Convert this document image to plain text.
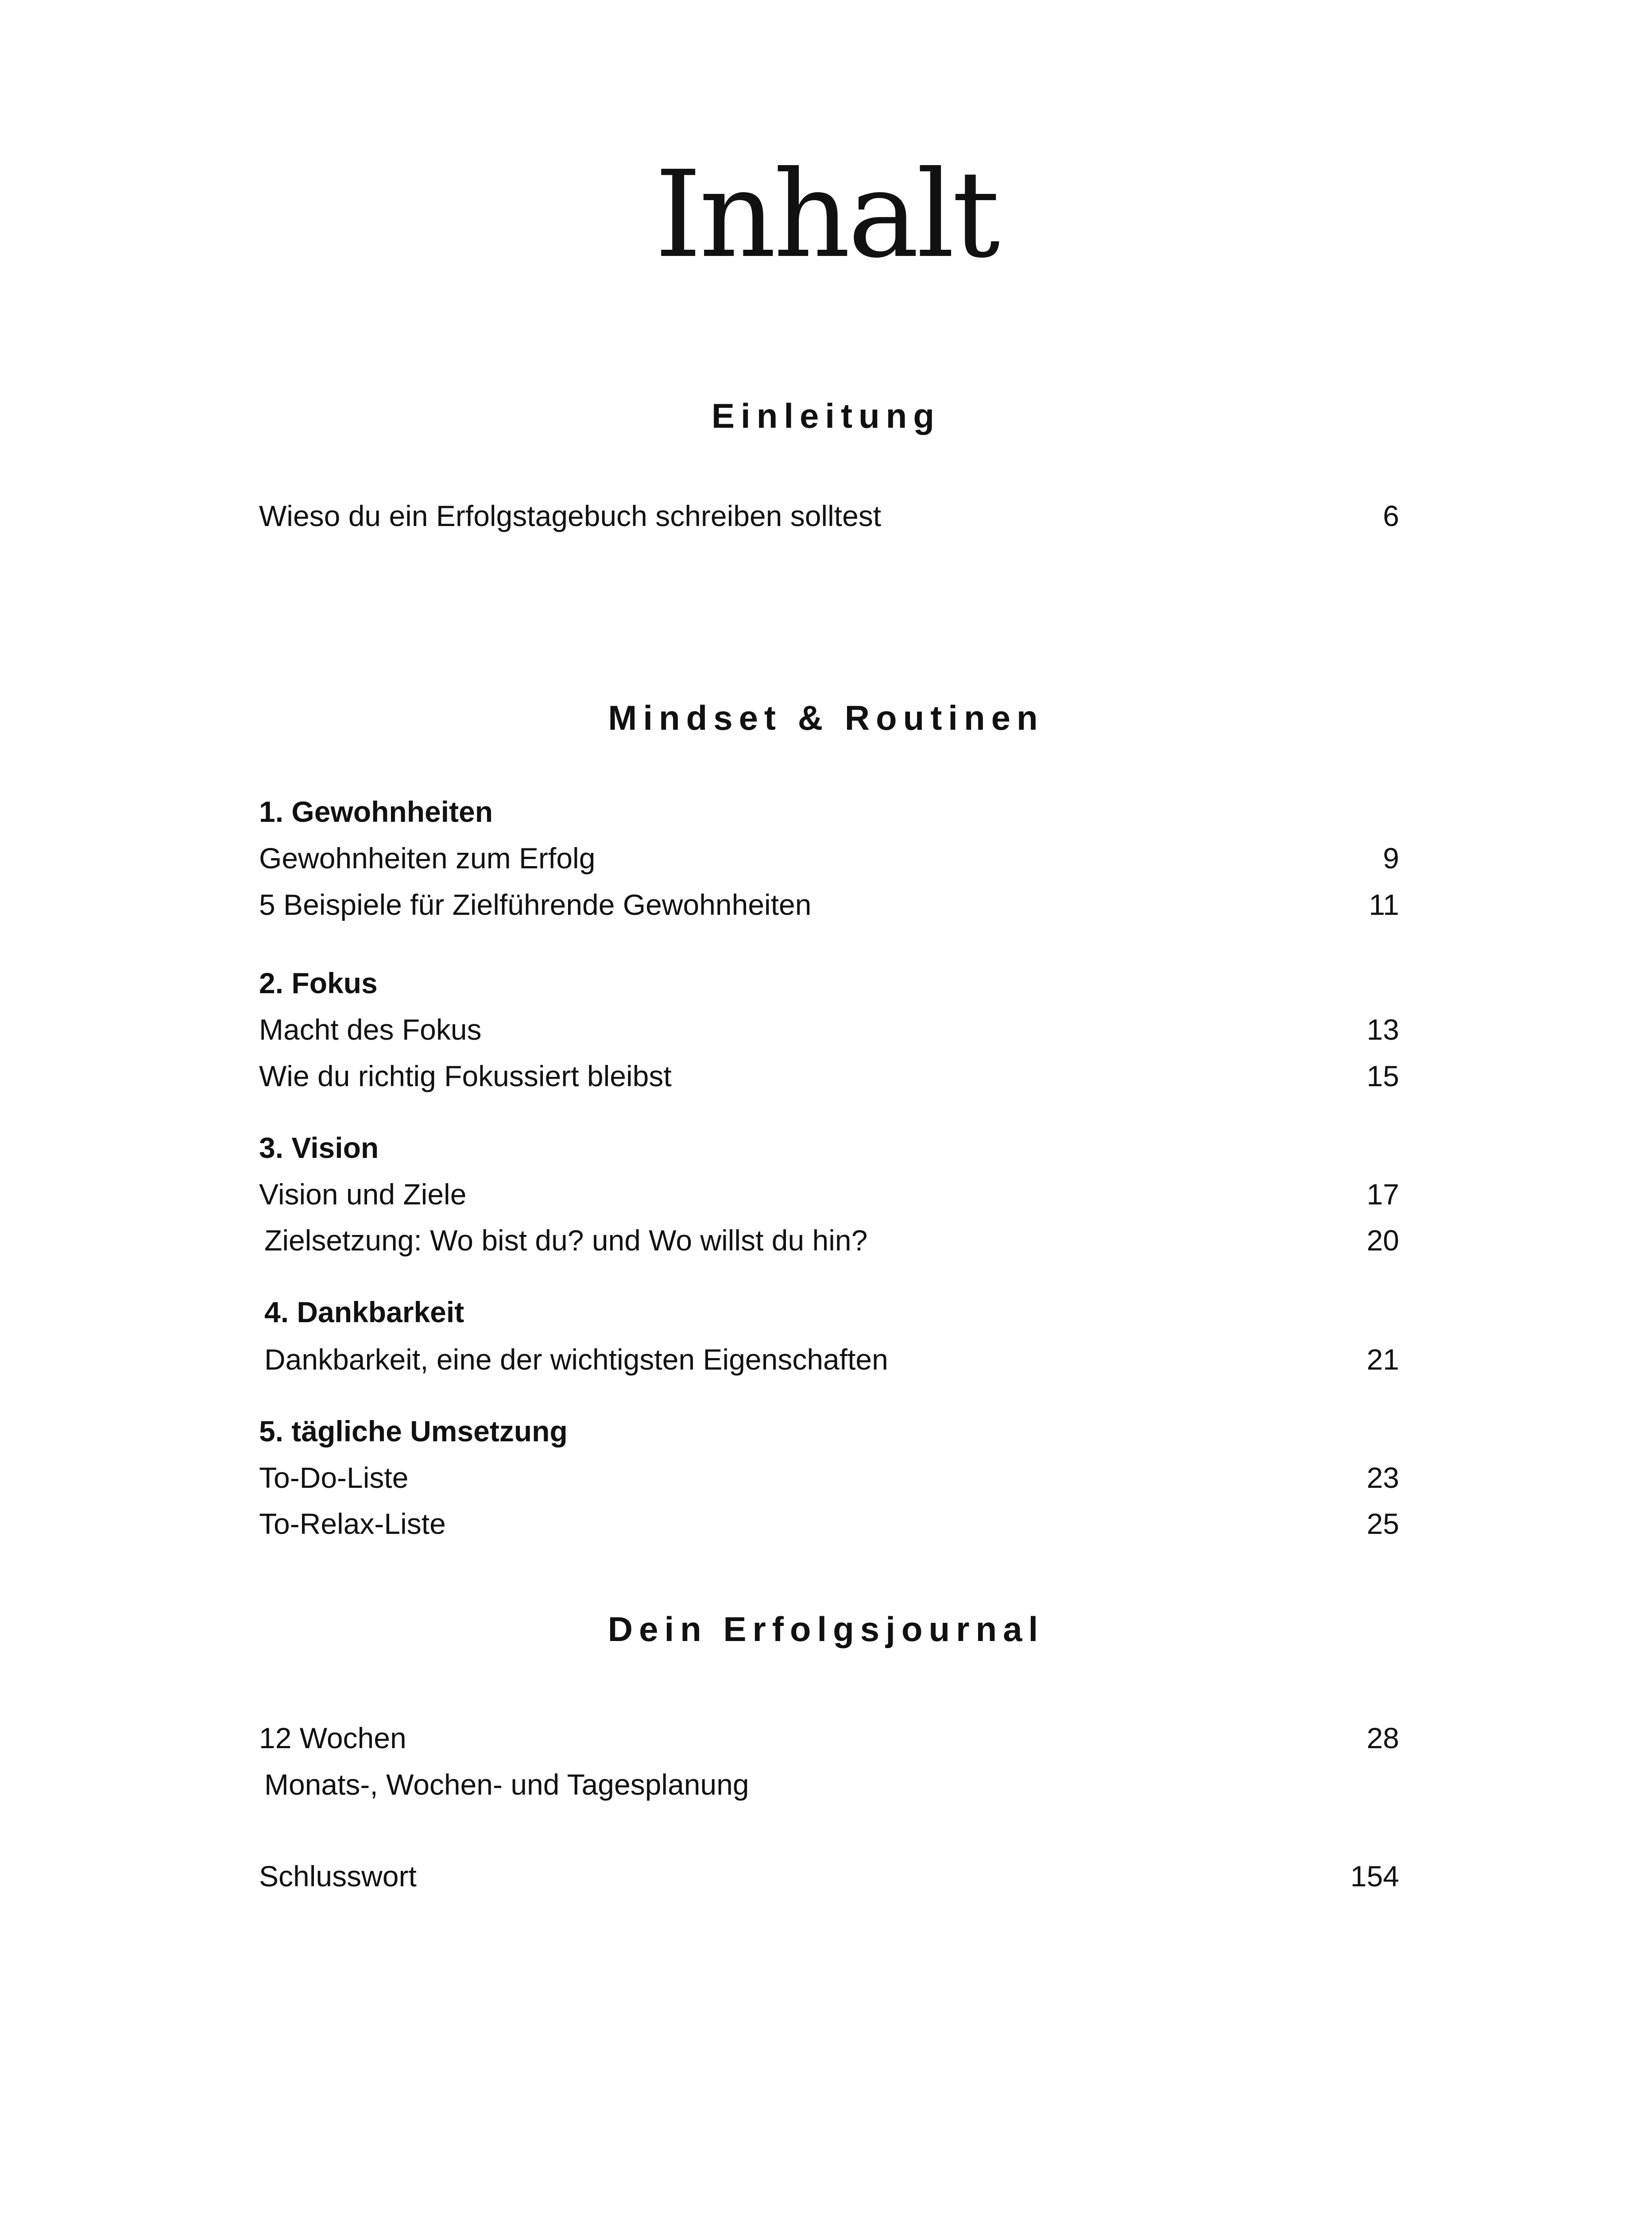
Inhalt
Einleitung
Wieso du ein Erfolgstagebuch schreiben solltest	6
Mindset & Routinen
1. Gewohnheiten
Gewohnheiten zum Erfolg	9
5 Beispiele für Zielführende Gewohnheiten	11
2. Fokus
Macht des Fokus	13
Wie du richtig Fokussiert bleibst	15
3. Vision
Vision und Ziele	17
Zielsetzung: Wo bist du? und Wo willst du hin?	20
4. Dankbarkeit
Dankbarkeit, eine der wichtigsten Eigenschaften	21
5. tägliche Umsetzung
To-Do-Liste	23
To-Relax-Liste	25
Dein Erfolgsjournal
12 Wochen	28
Monats-, Wochen- und Tagesplanung
Schlusswort	154
